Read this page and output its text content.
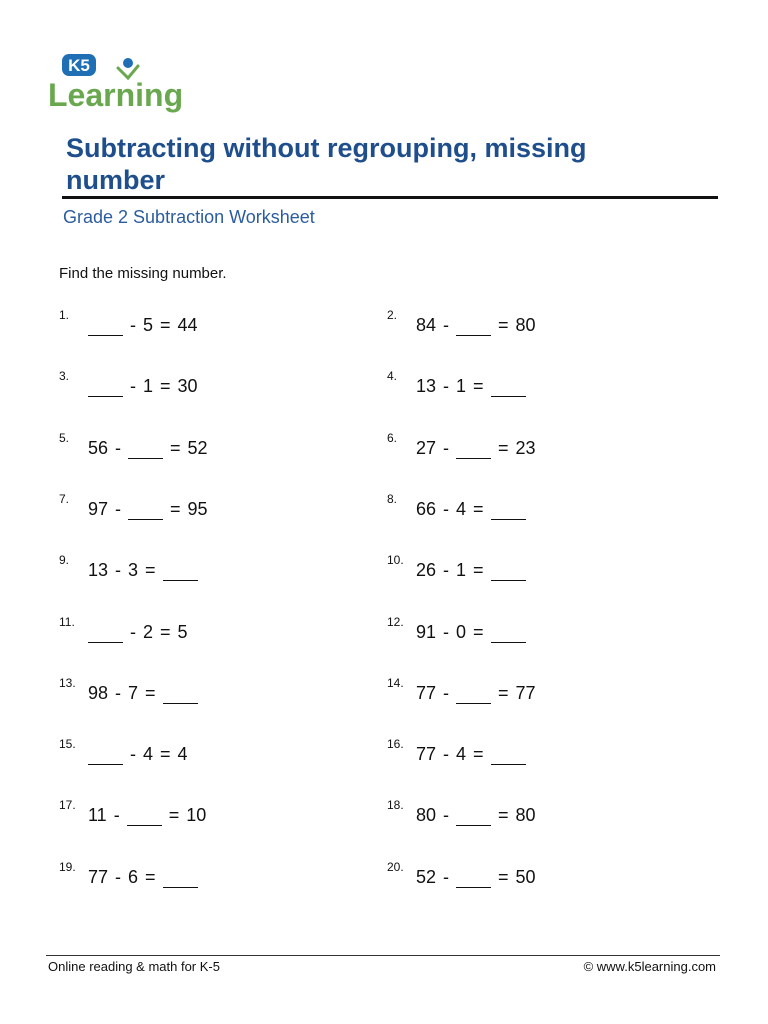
K5
Learning
Subtracting without regrouping, missing number
Grade 2 Subtraction Worksheet
Find the missing number.
1.	- 5 = 44	2. 84 -	= 80
3.	- 1 = 30	4. 13 - 1 =
5. 56 -	= 52	6. 27 -	= 23
7. 97 -	= 95	8. 66 - 4 =
9. 13 - 3 =	10. 26 - 1 =
11.	- 2 = 5	12. 91 - 0 =
13. 98 - 7 =	14. 77 -	= 77
15.	- 4 = 4	16. 77 - 4 =
17. 11 -	= 10	18. 80 -	= 80
19. 77 - 6 =	20. 52 -	= 50
Online reading & math for K-5	© www.k5learning.com
